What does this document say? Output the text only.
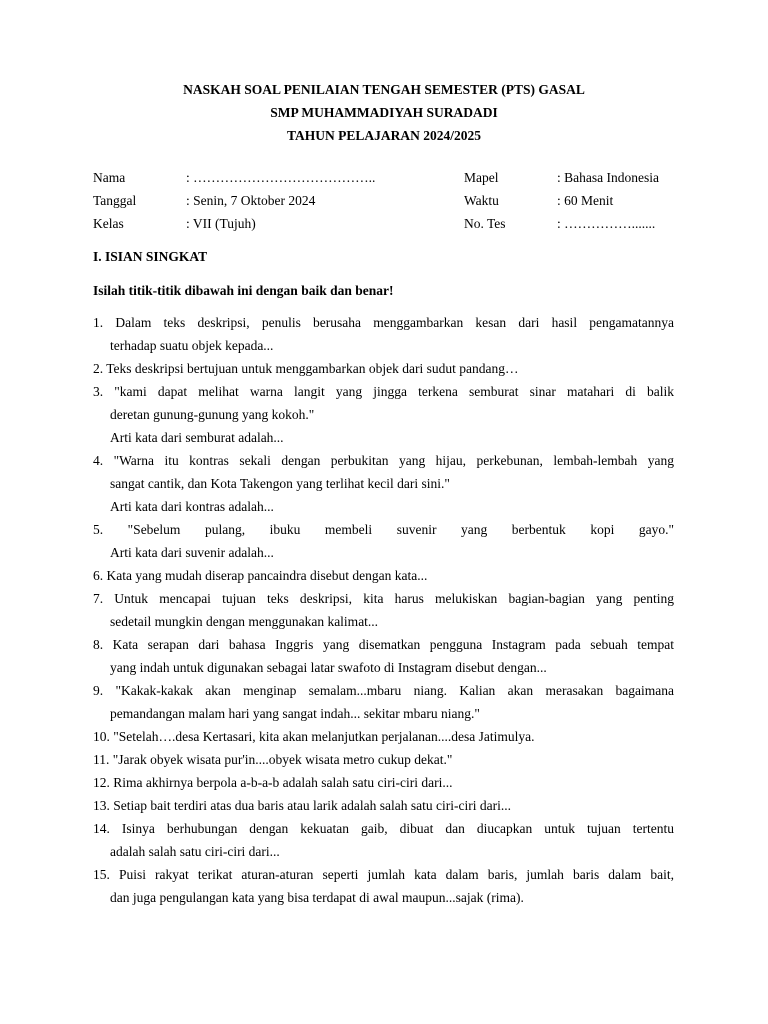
NASKAH SOAL PENILAIAN TENGAH SEMESTER (PTS) GASAL
SMP MUHAMMADIYAH SURADADI
TAHUN PELAJARAN 2024/2025
Nama	: …………………………………..	Mapel	: Bahasa Indonesia
Tanggal	: Senin, 7 Oktober 2024	Waktu	: 60 Menit
Kelas	: VII (Tujuh)	No. Tes	: …………….......
I. ISIAN SINGKAT
Isilah titik-titik dibawah ini dengan baik dan benar!
1. Dalam teks deskripsi, penulis berusaha menggambarkan kesan dari hasil pengamatannya
terhadap suatu objek kepada...
2. Teks deskripsi bertujuan untuk menggambarkan objek dari sudut pandang…
3. "kami dapat melihat warna langit yang jingga terkena semburat sinar matahari di balik
deretan gunung-gunung yang kokoh."
Arti kata dari semburat adalah...
4. "Warna itu kontras sekali dengan perbukitan yang hijau, perkebunan, lembah-lembah yang
sangat cantik, dan Kota Takengon yang terlihat kecil dari sini."
Arti kata dari kontras adalah...
5. "Sebelum pulang, ibuku membeli suvenir yang berbentuk kopi gayo."
Arti kata dari suvenir adalah...
6. Kata yang mudah diserap pancaindra disebut dengan kata...
7. Untuk mencapai tujuan teks deskripsi, kita harus melukiskan bagian-bagian yang penting
sedetail mungkin dengan menggunakan kalimat...
8. Kata serapan dari bahasa Inggris yang disematkan pengguna Instagram pada sebuah tempat
yang indah untuk digunakan sebagai latar swafoto di Instagram disebut dengan...
9. "Kakak-kakak akan menginap semalam...mbaru niang. Kalian akan merasakan bagaimana
pemandangan malam hari yang sangat indah... sekitar mbaru niang."
10. "Setelah….desa Kertasari, kita akan melanjutkan perjalanan....desa Jatimulya.
11. "Jarak obyek wisata pur'in....obyek wisata metro cukup dekat."
12. Rima akhirnya berpola a-b-a-b adalah salah satu ciri-ciri dari...
13. Setiap bait terdiri atas dua baris atau larik adalah salah satu ciri-ciri dari...
14. Isinya berhubungan dengan kekuatan gaib, dibuat dan diucapkan untuk tujuan tertentu
adalah salah satu ciri-ciri dari...
15. Puisi rakyat terikat aturan-aturan seperti jumlah kata dalam baris, jumlah baris dalam bait,
dan juga pengulangan kata yang bisa terdapat di awal maupun...sajak (rima).
